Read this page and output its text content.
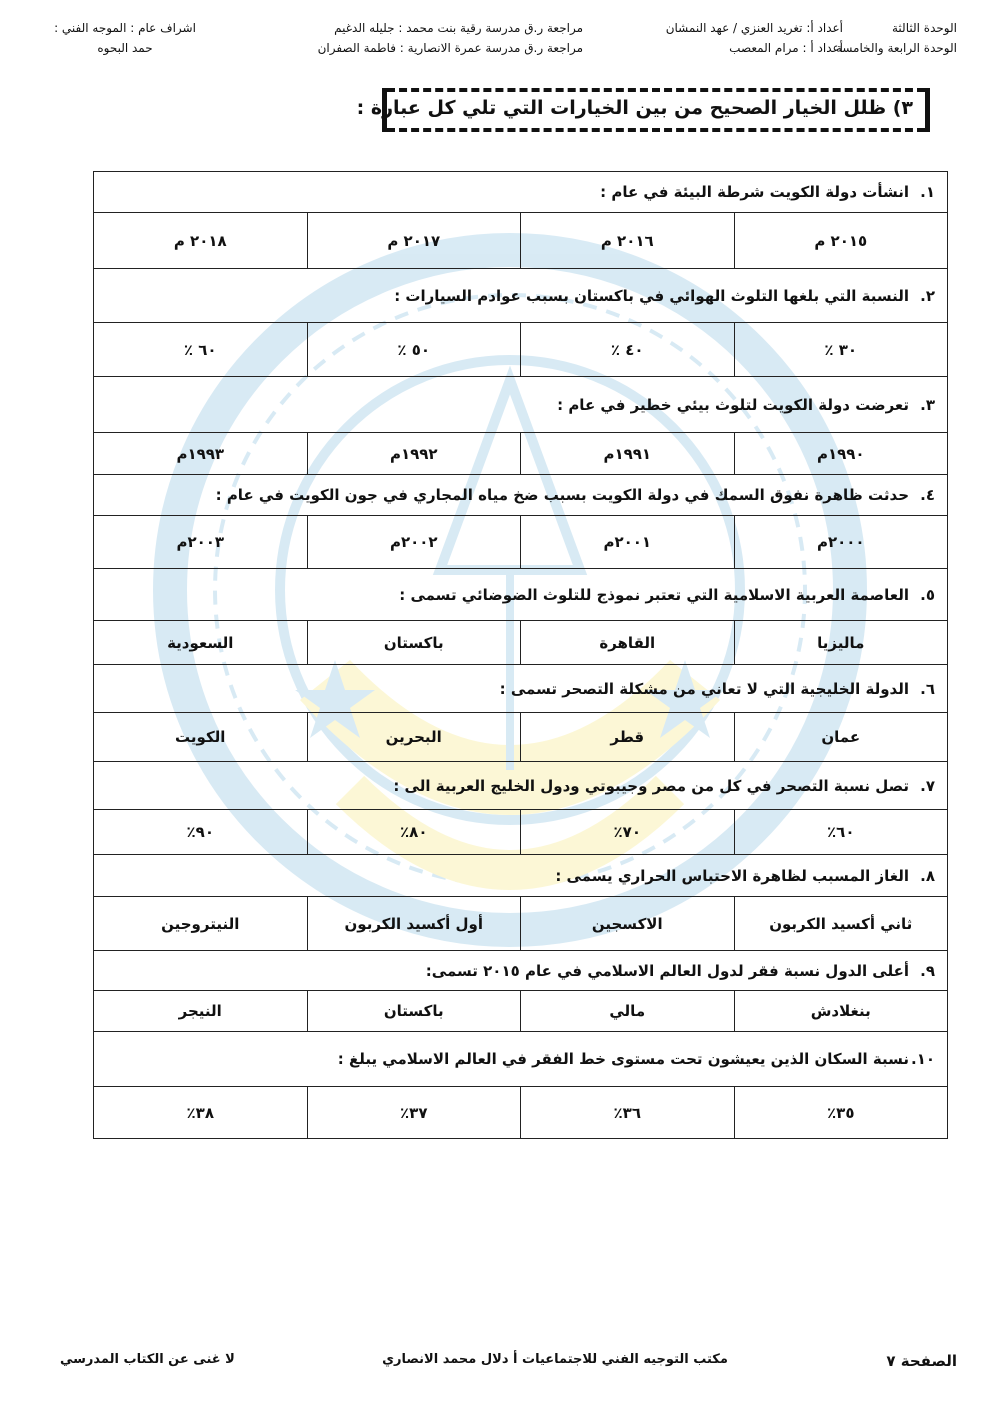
الوحدة الثالثة
الوحدة الرابعة والخامسة
أعداد أ: تغريد العنزي / عهد النمشان
أعداد أ : مرام المعصب
مراجعة ر.ق مدرسة رقية بنت محمد : جليله الدغيم
مراجعة ر.ق مدرسة عمرة الانصارية : فاطمة الصفران
اشراف عام : الموجه الفني :
حمد البحوه
٣) ظلل الخيار الصحيح من بين الخيارات التي تلي كل عبارة :
١.انشأت دولة الكويت شرطة البيئة في عام :			
٢٠١٥ م	٢٠١٦ م	٢٠١٧ م	٢٠١٨ م
٢.النسبة التي بلغها التلوث الهوائي في باكستان بسبب عوادم السيارات :			
٣٠ ٪	٤٠ ٪	٥٠ ٪	٦٠ ٪
٣.تعرضت دولة الكويت لتلوث بيئي خطير في عام :			
١٩٩٠م	١٩٩١م	١٩٩٢م	١٩٩٣م
٤.حدثت ظاهرة نفوق السمك في دولة الكويت بسبب ضخ مياه المجاري في جون الكويت في عام :			
٢٠٠٠م	٢٠٠١م	٢٠٠٢م	٢٠٠٣م
٥.العاصمة العربية الاسلامية التي تعتبر نموذج للتلوث الضوضائي تسمى :			
ماليزيا	القاهرة	باكستان	السعودية
٦.الدولة الخليجية التي لا تعاني من مشكلة التصحر تسمى :			
عمان	قطر	البحرين	الكويت
٧.تصل نسبة التصحر في كل من مصر وجيبوتي ودول الخليج العربية الى :			
٦٠٪	٧٠٪	٨٠٪	٩٠٪
٨.الغاز المسبب لظاهرة الاحتباس الحراري يسمى :			
ثاني أكسيد الكربون	الاكسجين	أول أكسيد الكربون	النيتروجين
٩.أعلى الدول نسبة فقر لدول العالم الاسلامي في عام ٢٠١٥ تسمى:			
بنغلادش	مالي	باكستان	النيجر
١٠.نسبة السكان الذين يعيشون تحت مستوى خط الفقر في العالم الاسلامي يبلغ :			
٣٥٪	٣٦٪	٣٧٪	٣٨٪
الصفحة ٧
مكتب التوجيه الفني للاجتماعيات أ دلال محمد الانصاري
لا غنى عن الكتاب المدرسي
